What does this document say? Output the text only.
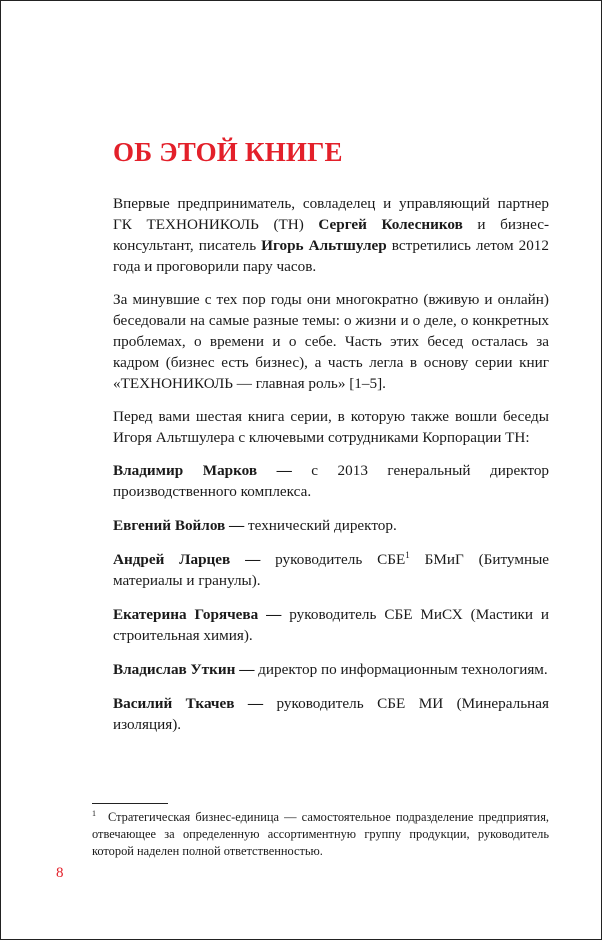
ОБ ЭТОЙ КНИГЕ

Впервые предприниматель, совладелец и управляющий партнер ГК ТЕХНОНИКОЛЬ (ТН) Сергей Колесников и бизнес-консультант, писатель Игорь Альтшулер встретились летом 2012 года и проговорили пару часов.

За минувшие с тех пор годы они многократно (вживую и онлайн) беседовали на самые разные темы: о жизни и о деле, о конкретных проблемах, о времени и о себе. Часть этих бесед осталась за кадром (бизнес есть бизнес), а часть легла в основу серии книг «ТЕХНОНИКОЛЬ — главная роль» [1–5].

Перед вами шестая книга серии, в которую также вошли беседы Игоря Альтшулера с ключевыми сотрудниками Корпорации ТН:

Владимир Марков — с 2013 генеральный директор производственного комплекса.

Евгений Войлов — технический директор.

Андрей Ларцев — руководитель СБЕ$^1$ БМиГ (Битумные материалы и гранулы).

Екатерина Горячева — руководитель СБЕ МиСХ (Мастики и строительная химия).

Владислав Уткин — директор по информационным технологиям.

Василий Ткачев — руководитель СБЕ МИ (Минеральная изоляция).

$^1$ Стратегическая бизнес-единица — самостоятельное подразделение предприятия, отвечающее за определенную ассортиментную группу продукции, руководитель которой наделен полной ответственностью.
8
